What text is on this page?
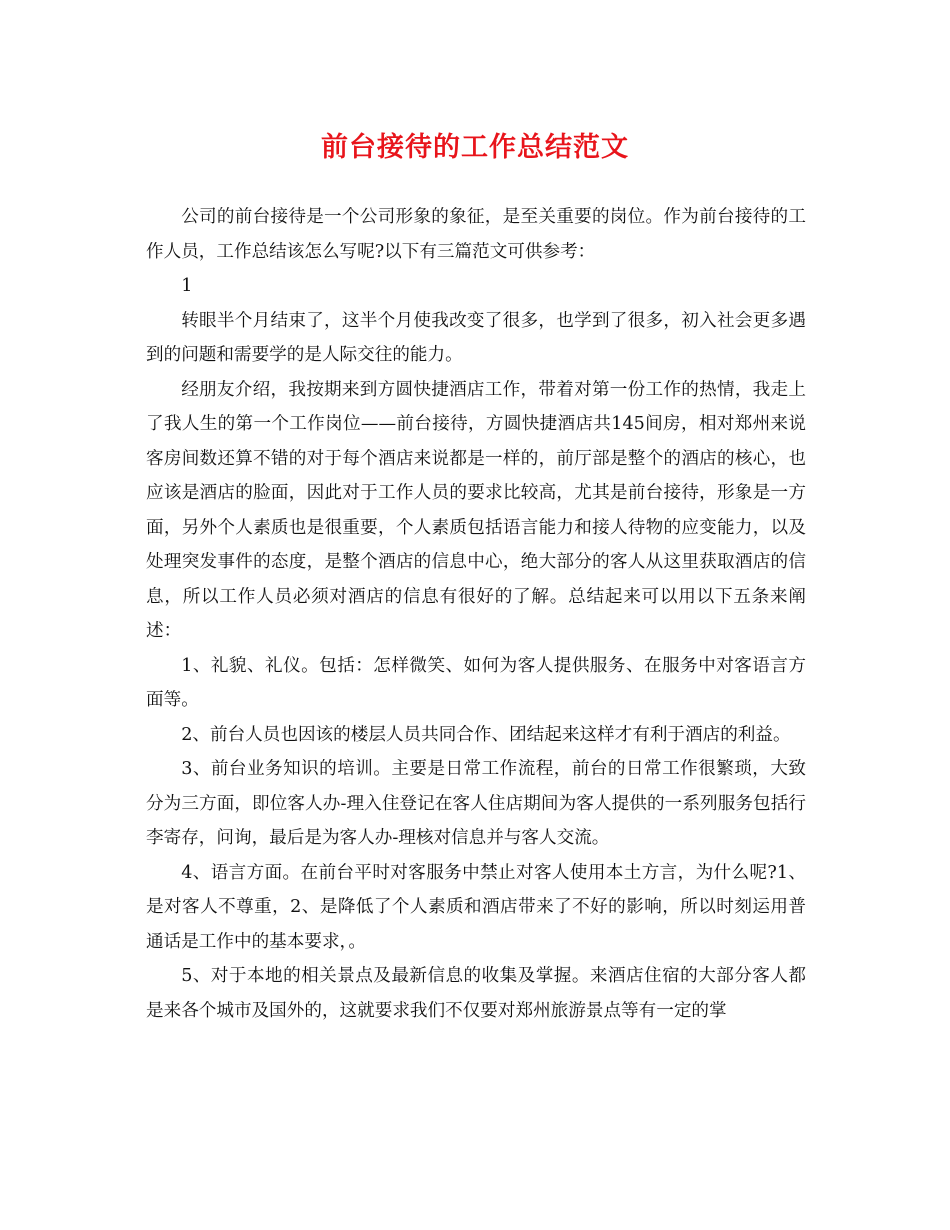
前台接待的工作总结范文

公司的前台接待是一个公司形象的象征，是至关重要的岗位。作为前台接待的工作人员，工作总结该怎么写呢?以下有三篇范文可供参考：

1

转眼半个月结束了，这半个月使我改变了很多，也学到了很多，初入社会更多遇到的问题和需要学的是人际交往的能力。

经朋友介绍，我按期来到方圆快捷酒店工作，带着对第一份工作的热情，我走上了我人生的第一个工作岗位——前台接待，方圆快捷酒店共145间房，相对郑州来说客房间数还算不错的对于每个酒店来说都是一样的，前厅部是整个的酒店的核心，也应该是酒店的脸面，因此对于工作人员的要求比较高，尤其是前台接待，形象是一方面，另外个人素质也是很重要，个人素质包括语言能力和接人待物的应变能力，以及处理突发事件的态度，是整个酒店的信息中心，绝大部分的客人从这里获取酒店的信息，所以工作人员必须对酒店的信息有很好的了解。总结起来可以用以下五条来阐述：

1、礼貌、礼仪。包括：怎样微笑、如何为客人提供服务、在服务中对客语言方面等。

2、前台人员也因该的楼层人员共同合作、团结起来这样才有利于酒店的利益。

3、前台业务知识的培训。主要是日常工作流程，前台的日常工作很繁琐，大致分为三方面，即位客人办-理入住登记在客人住店期间为客人提供的一系列服务包括行李寄存，问询，最后是为客人办-理核对信息并与客人交流。

4、语言方面。在前台平时对客服务中禁止对客人使用本土方言，为什么呢?1、是对客人不尊重，2、是降低了个人素质和酒店带来了不好的影响，所以时刻运用普通话是工作中的基本要求，。

5、对于本地的相关景点及最新信息的收集及掌握。来酒店住宿的大部分客人都是来各个城市及国外的，这就要求我们不仅要对郑州旅游景点等有一定的掌
